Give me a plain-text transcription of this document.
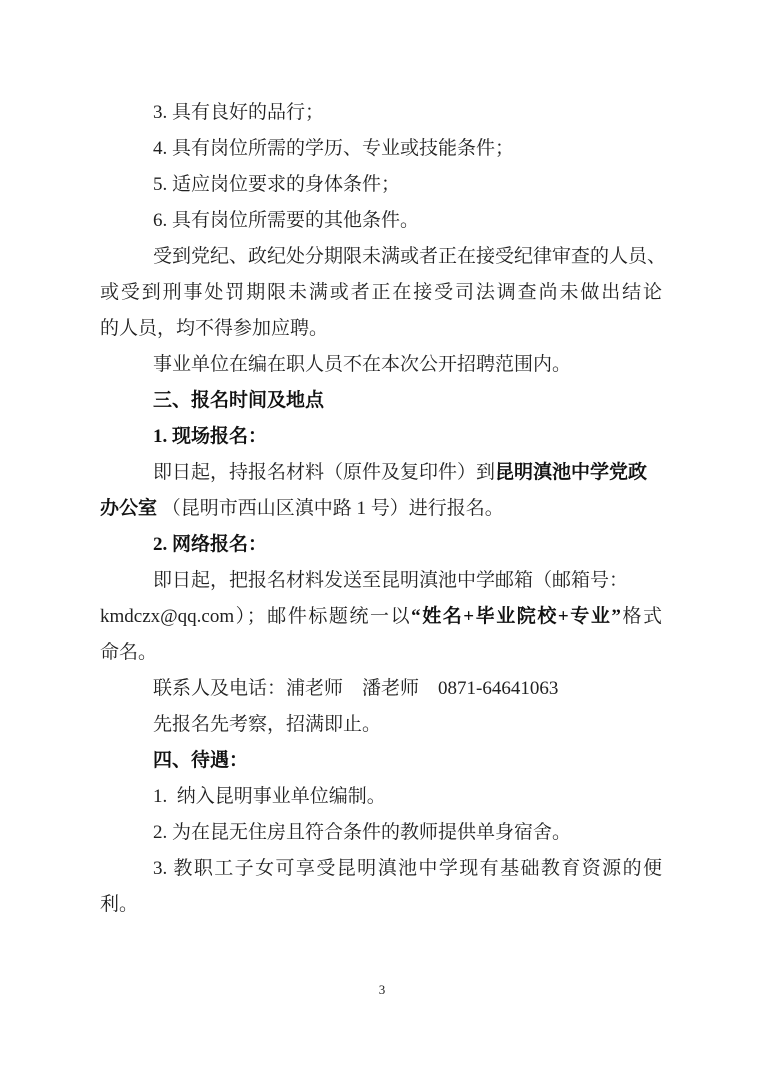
3. 具有良好的品行；
4. 具有岗位所需的学历、专业或技能条件；
5. 适应岗位要求的身体条件；
6. 具有岗位所需要的其他条件。
受到党纪、政纪处分期限未满或者正在接受纪律审查的人员、
或受到刑事处罚期限未满或者正在接受司法调查尚未做出结论
的人员，均不得参加应聘。
事业单位在编在职人员不在本次公开招聘范围内。
三、报名时间及地点
1. 现场报名：
即日起，持报名材料（原件及复印件）到昆明滇池中学党政
办公室 （昆明市西山区滇中路 1 号）进行报名。
2. 网络报名：
即日起，把报名材料发送至昆明滇池中学邮箱（邮箱号：
kmdczx@qq.com）；邮件标题统一以“姓名+毕业院校+专业”格式
命名。
联系人及电话：浦老师　潘老师　0871-64641063
先报名先考察，招满即止。
四、待遇：
1.  纳入昆明事业单位编制。
2. 为在昆无住房且符合条件的教师提供单身宿舍。
3. 教职工子女可享受昆明滇池中学现有基础教育资源的便
利。
3
